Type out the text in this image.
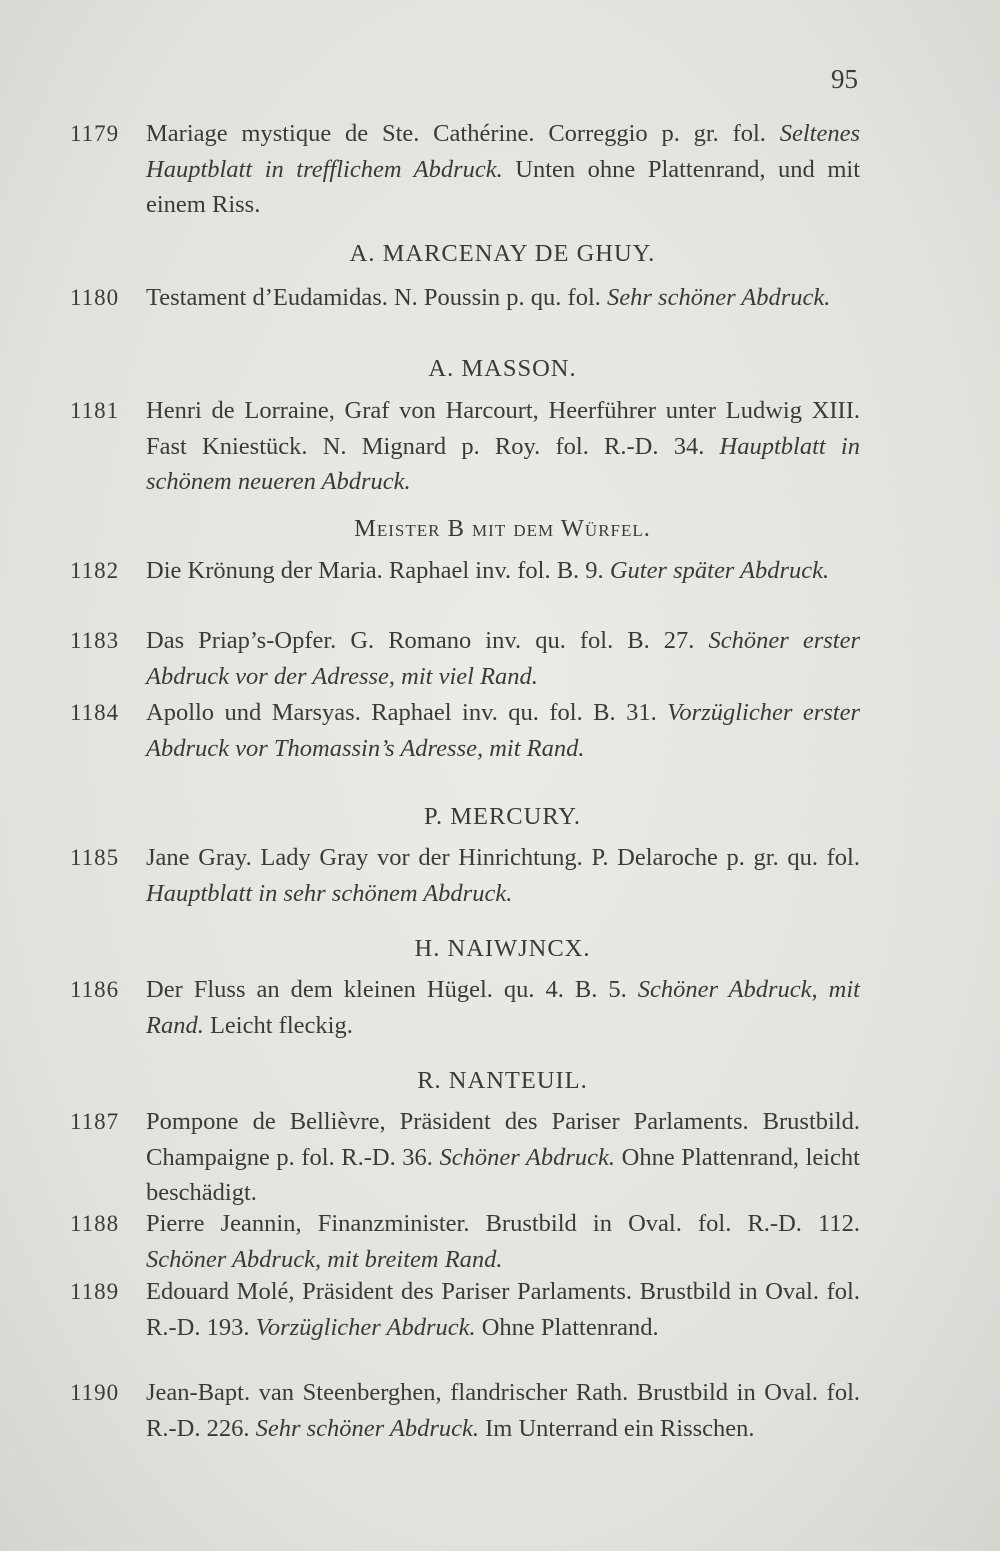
95
1179	Mariage mystique de Ste. Cathérine. Correggio p. gr. fol. Seltenes Hauptblatt in trefflichem Abdruck. Unten ohne Plattenrand, und mit einem Riss.
A. MARCENAY DE GHUY.
1180	Testament d’Eudamidas. N. Poussin p. qu. fol. Sehr schöner Abdruck.
A. MASSON.
1181	Henri de Lorraine, Graf von Harcourt, Heerführer unter Ludwig XIII. Fast Kniestück. N. Mignard p. Roy. fol. R.-D. 34. Hauptblatt in schönem neueren Abdruck.
Meister B mit dem Würfel.
1182	Die Krönung der Maria. Raphael inv. fol. B. 9. Guter später Abdruck.
1183	Das Priap’s-Opfer. G. Romano inv. qu. fol. B. 27. Schöner erster Abdruck vor der Adresse, mit viel Rand.
1184	Apollo und Marsyas. Raphael inv. qu. fol. B. 31. Vorzüglicher erster Abdruck vor Thomassin’s Adresse, mit Rand.
P. MERCURY.
1185	Jane Gray. Lady Gray vor der Hinrichtung. P. Delaroche p. gr. qu. fol. Hauptblatt in sehr schönem Abdruck.
H. NAIWJNCX.
1186	Der Fluss an dem kleinen Hügel. qu. 4. B. 5. Schöner Abdruck, mit Rand. Leicht fleckig.
R. NANTEUIL.
1187	Pompone de Bellièvre, Präsident des Pariser Parlaments. Brustbild. Champaigne p. fol. R.-D. 36. Schöner Abdruck. Ohne Plattenrand, leicht beschädigt.
1188	Pierre Jeannin, Finanzminister. Brustbild in Oval. fol. R.-D. 112. Schöner Abdruck, mit breitem Rand.
1189	Edouard Molé, Präsident des Pariser Parlaments. Brustbild in Oval. fol. R.-D. 193. Vorzüglicher Abdruck. Ohne Plattenrand.
1190	Jean-Bapt. van Steenberghen, flandrischer Rath. Brustbild in Oval. fol. R.-D. 226. Sehr schöner Abdruck. Im Unterrand ein Risschen.
